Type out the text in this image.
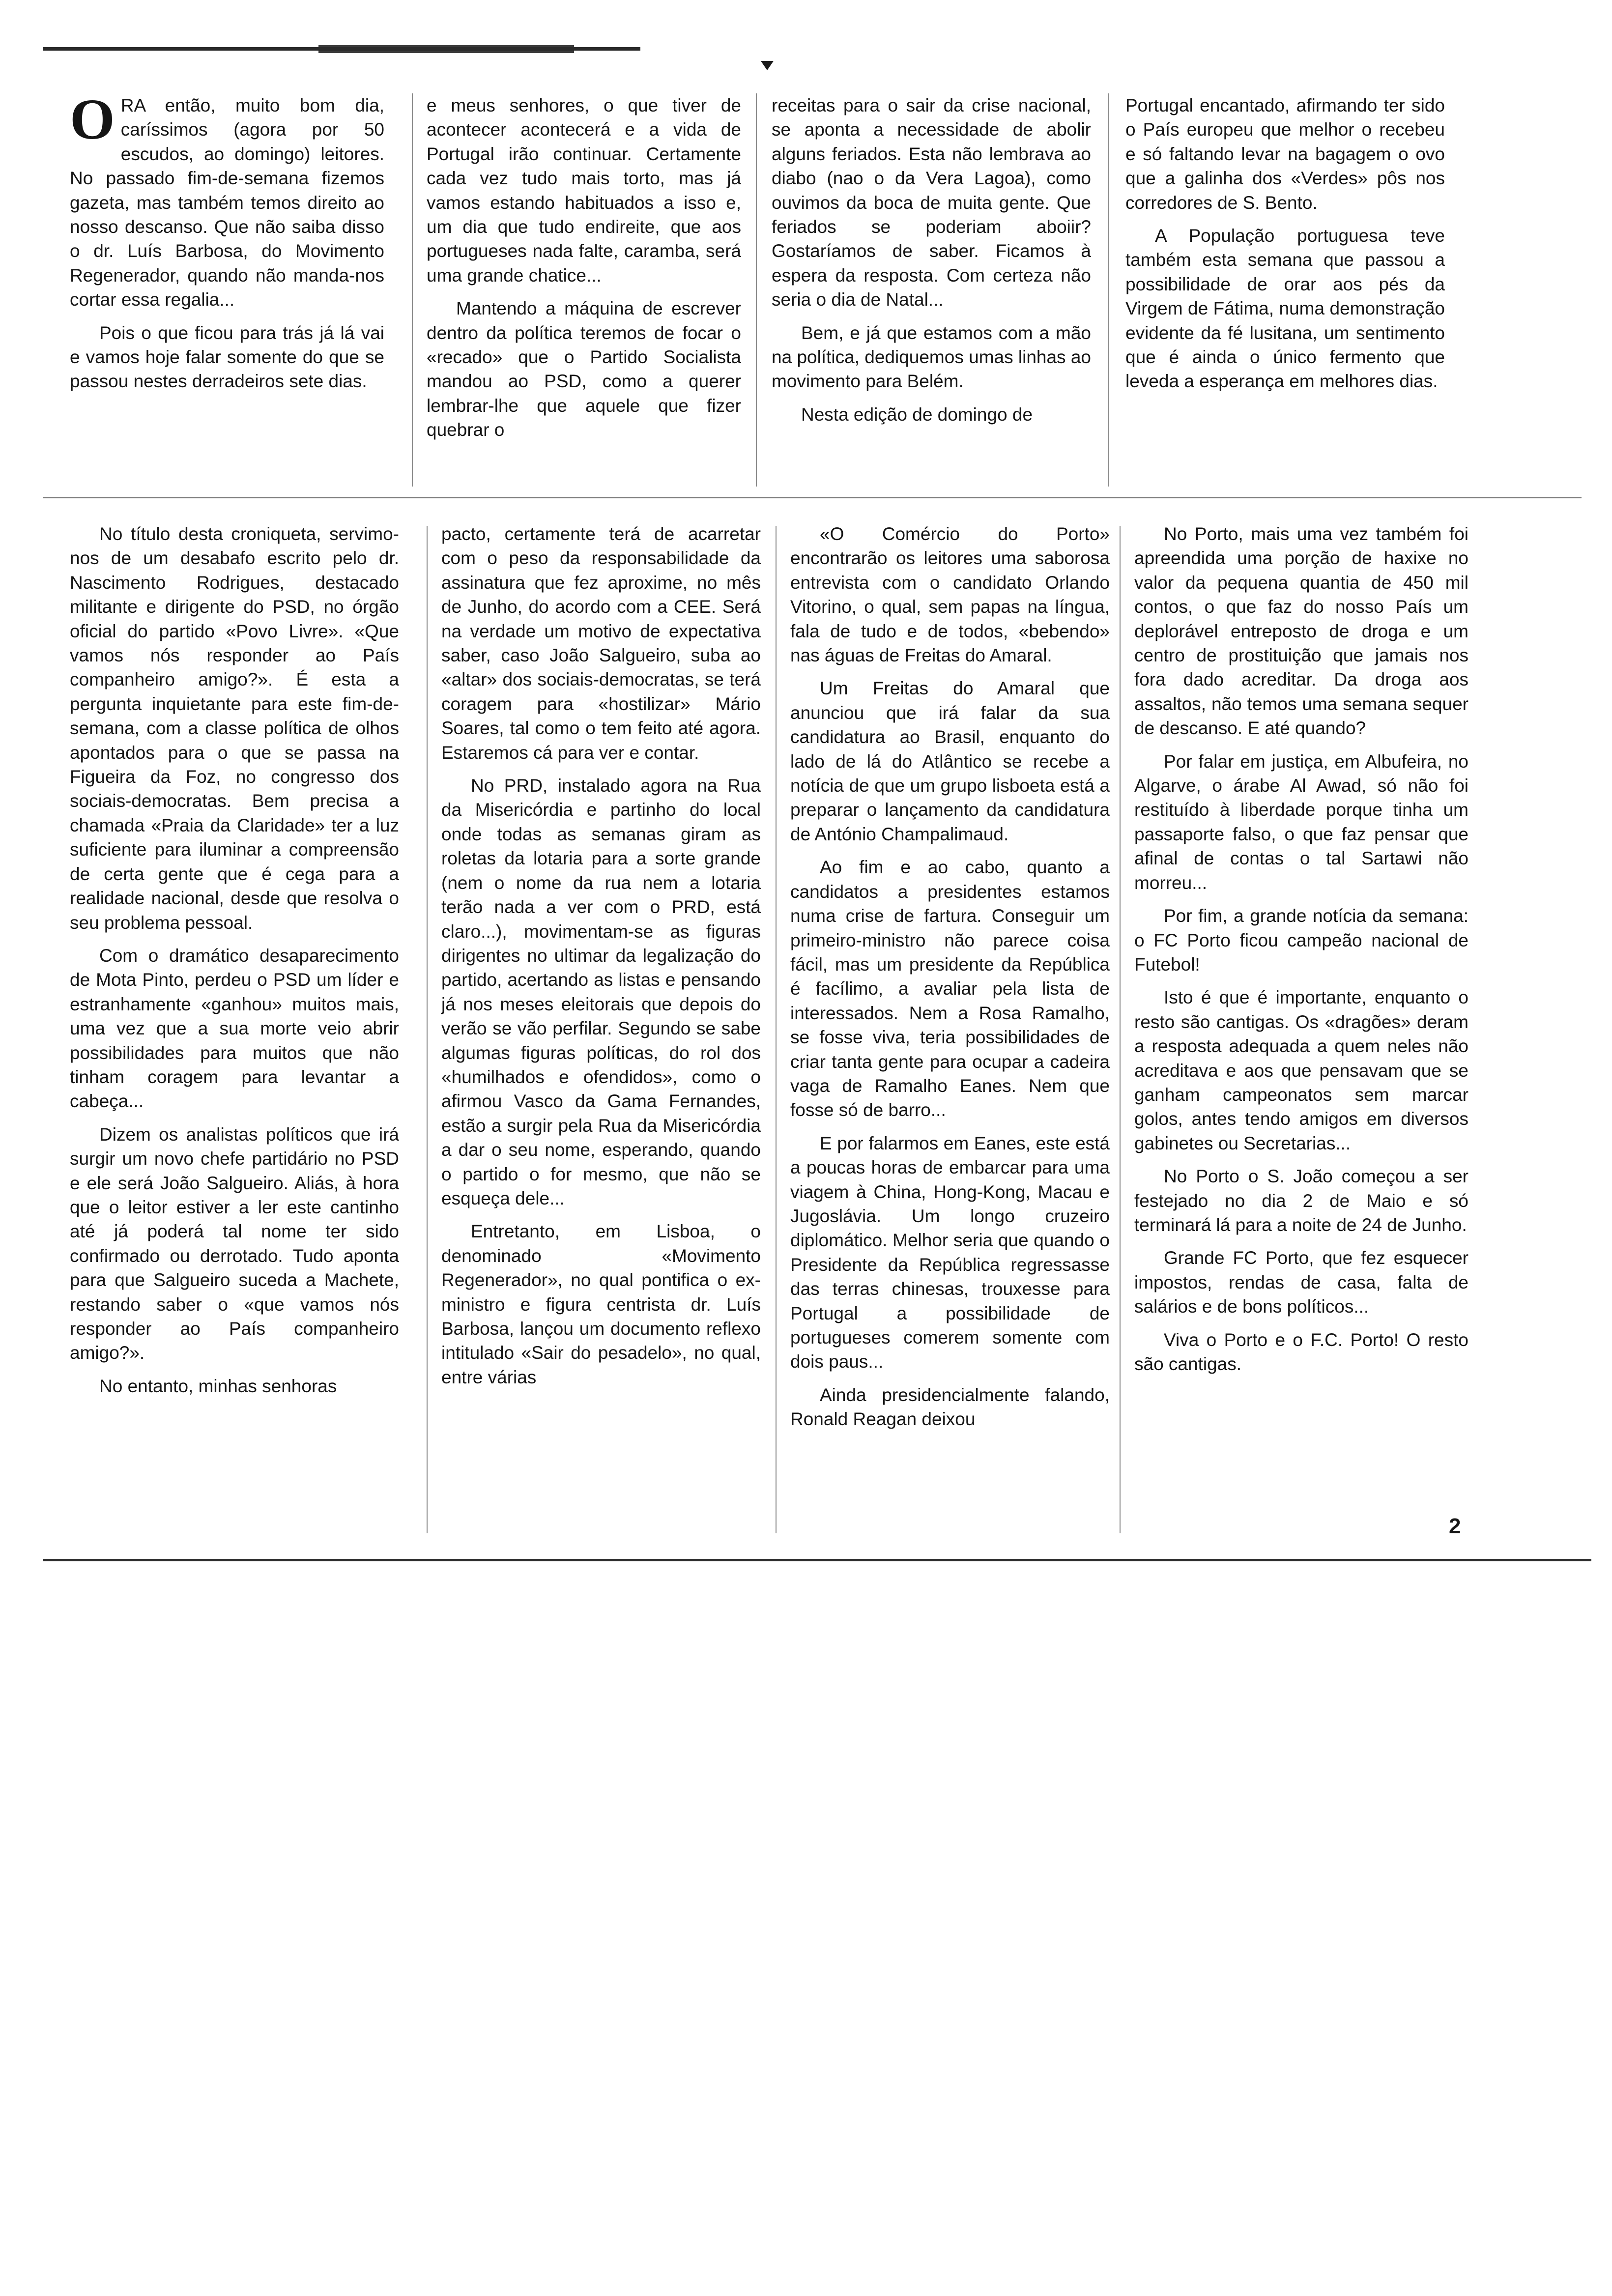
ORA então, muito bom dia, caríssimos (agora por 50 escudos, ao domingo) leitores. No passado fim-de-semana fizemos gazeta, mas também temos direito ao nosso descanso. Que não saiba disso o dr. Luís Barbosa, do Movimento Regenerador, quando não manda-nos cortar essa regalia...

Pois o que ficou para trás já lá vai e vamos hoje falar somente do que se passou nestes derradeiros sete dias.

e meus senhores, o que tiver de acontecer acontecerá e a vida de Portugal irão continuar. Certamente cada vez tudo mais torto, mas já vamos estando habituados a isso e, um dia que tudo endireite, que aos portugueses nada falte, caramba, será uma grande chatice...

Mantendo a máquina de escrever dentro da política teremos de focar o «recado» que o Partido Socialista mandou ao PSD, como a querer lembrar-lhe que aquele que fizer quebrar o

receitas para o sair da crise nacional, se aponta a necessidade de abolir alguns feriados. Esta não lembrava ao diabo (nao o da Vera Lagoa), como ouvimos da boca de muita gente. Que feriados se poderiam aboiir? Gostaríamos de saber. Ficamos à espera da resposta. Com certeza não seria o dia de Natal...

Bem, e já que estamos com a mão na política, dediquemos umas linhas ao movimento para Belém.

Nesta edição de domingo de

Portugal encantado, afirmando ter sido o País europeu que melhor o recebeu e só faltando levar na bagagem o ovo que a galinha dos «Verdes» pôs nos corredores de S. Bento.

A População portuguesa teve também esta semana que passou a possibilidade de orar aos pés da Virgem de Fátima, numa demonstração evidente da fé lusitana, um sentimento que é ainda o único fermento que leveda a esperança em melhores dias.

No título desta croniqueta, servimo-nos de um desabafo escrito pelo dr. Nascimento Rodrigues, destacado militante e dirigente do PSD, no órgão oficial do partido «Povo Livre». «Que vamos nós responder ao País companheiro amigo?». É esta a pergunta inquietante para este fim-de-semana, com a classe política de olhos apontados para o que se passa na Figueira da Foz, no congresso dos sociais-democratas. Bem precisa a chamada «Praia da Claridade» ter a luz suficiente para iluminar a compreensão de certa gente que é cega para a realidade nacional, desde que resolva o seu problema pessoal.

Com o dramático desaparecimento de Mota Pinto, perdeu o PSD um líder e estranhamente «ganhou» muitos mais, uma vez que a sua morte veio abrir possibilidades para muitos que não tinham coragem para levantar a cabeça...

Dizem os analistas políticos que irá surgir um novo chefe partidário no PSD e ele será João Salgueiro. Aliás, à hora que o leitor estiver a ler este cantinho até já poderá tal nome ter sido confirmado ou derrotado. Tudo aponta para que Salgueiro suceda a Machete, restando saber o «que vamos nós responder ao País companheiro amigo?».

No entanto, minhas senhoras

pacto, certamente terá de acarretar com o peso da responsabilidade da assinatura que fez aproxime, no mês de Junho, do acordo com a CEE. Será na verdade um motivo de expectativa saber, caso João Salgueiro, suba ao «altar» dos sociais-democratas, se terá coragem para «hostilizar» Mário Soares, tal como o tem feito até agora. Estaremos cá para ver e contar.

No PRD, instalado agora na Rua da Misericórdia e partinho do local onde todas as semanas giram as roletas da lotaria para a sorte grande (nem o nome da rua nem a lotaria terão nada a ver com o PRD, está claro...), movimentam-se as figuras dirigentes no ultimar da legalização do partido, acertando as listas e pensando já nos meses eleitorais que depois do verão se vão perfilar. Segundo se sabe algumas figuras políticas, do rol dos «humilhados e ofendidos», como o afirmou Vasco da Gama Fernandes, estão a surgir pela Rua da Misericórdia a dar o seu nome, esperando, quando o partido o for mesmo, que não se esqueça dele...

Entretanto, em Lisboa, o denominado «Movimento Regenerador», no qual pontifica o ex-ministro e figura centrista dr. Luís Barbosa, lançou um documento reflexo intitulado «Sair do pesadelo», no qual, entre várias

«O Comércio do Porto» encontrarão os leitores uma saborosa entrevista com o candidato Orlando Vitorino, o qual, sem papas na língua, fala de tudo e de todos, «bebendo» nas águas de Freitas do Amaral.

Um Freitas do Amaral que anunciou que irá falar da sua candidatura ao Brasil, enquanto do lado de lá do Atlântico se recebe a notícia de que um grupo lisboeta está a preparar o lançamento da candidatura de António Champalimaud.

Ao fim e ao cabo, quanto a candidatos a presidentes estamos numa crise de fartura. Conseguir um primeiro-ministro não parece coisa fácil, mas um presidente da República é facílimo, a avaliar pela lista de interessados. Nem a Rosa Ramalho, se fosse viva, teria possibilidades de criar tanta gente para ocupar a cadeira vaga de Ramalho Eanes. Nem que fosse só de barro...

E por falarmos em Eanes, este está a poucas horas de embarcar para uma viagem à China, Hong-Kong, Macau e Jugoslávia. Um longo cruzeiro diplomático. Melhor seria que quando o Presidente da República regressasse das terras chinesas, trouxesse para Portugal a possibilidade de portugueses comerem somente com dois paus...

Ainda presidencialmente falando, Ronald Reagan deixou

No Porto, mais uma vez também foi apreendida uma porção de haxixe no valor da pequena quantia de 450 mil contos, o que faz do nosso País um deplorável entreposto de droga e um centro de prostituição que jamais nos fora dado acreditar. Da droga aos assaltos, não temos uma semana sequer de descanso. E até quando?

Por falar em justiça, em Albufeira, no Algarve, o árabe Al Awad, só não foi restituído à liberdade porque tinha um passaporte falso, o que faz pensar que afinal de contas o tal Sartawi não morreu...

Por fim, a grande notícia da semana: o FC Porto ficou campeão nacional de Futebol!

Isto é que é importante, enquanto o resto são cantigas. Os «dragões» deram a resposta adequada a quem neles não acreditava e aos que pensavam que se ganham campeonatos sem marcar golos, antes tendo amigos em diversos gabinetes ou Secretarias...

No Porto o S. João começou a ser festejado no dia 2 de Maio e só terminará lá para a noite de 24 de Junho.

Grande FC Porto, que fez esquecer impostos, rendas de casa, falta de salários e de bons políticos...

Viva o Porto e o F.C. Porto! O resto são cantigas.

2
